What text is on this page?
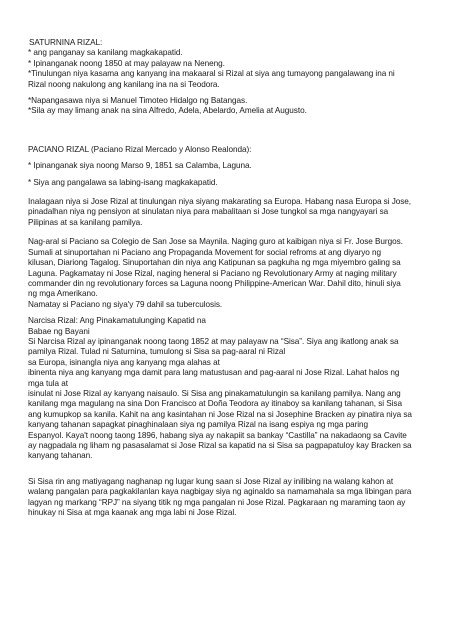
SATURNINA RIZAL:
* ang panganay sa kanilang magkakapatid.
* Ipinanganak noong 1850 at may palayaw na Neneng.
*Tinulungan niya kasama ang kanyang ina makaaral si Rizal at siya ang tumayong pangalawang ina ni
Rizal noong nakulong ang kanilang ina na si Teodora.
*Napangasawa niya si Manuel Timoteo Hidalgo ng Batangas.
*Sila ay may limang anak na sina Alfredo, Adela, Abelardo, Amelia at Augusto.
PACIANO RIZAL (Paciano Rizal Mercado y Alonso Realonda):
* Ipinanganak siya noong Marso 9, 1851 sa Calamba, Laguna.
* Siya ang pangalawa sa labing-isang magkakapatid.
Inalagaan niya si Jose Rizal at tinulungan niya siyang makarating sa Europa. Habang nasa Europa si Jose,
pinadalhan niya ng pensiyon at sinulatan niya para mabalitaan si Jose tungkol sa mga nangyayari sa
Pilipinas at sa kanilang pamilya.
Nag-aral si Paciano sa Colegio de San Jose sa Maynila. Naging guro at kaibigan niya si Fr. Jose Burgos.
Sumali at sinuportahan ni Paciano ang Propaganda Movement for social refroms at ang diyaryo ng
kilusan, Diariong Tagalog. Sinuportahan din niya ang Katipunan sa pagkuha ng mga miyembro galing sa
Laguna. Pagkamatay ni Jose Rizal, naging heneral si Paciano ng Revolutionary Army at naging military
commander din ng revolutionary forces sa Laguna noong Philippine-American War. Dahil dito, hinuli siya
ng mga Amerikano.
Namatay si Paciano ng siya'y 79 dahil sa tuberculosis.
Narcisa Rizal: Ang Pinakamatulunging Kapatid na
Babae ng Bayani
Si Narcisa Rizal ay ipinanganak noong taong 1852 at may palayaw na “Sisa”. Siya ang ikatlong anak sa
pamilya Rizal. Tulad ni Saturnina, tumulong si Sisa sa pag-aaral ni Rizal
sa Europa, isinangla niya ang kanyang mga alahas at
ibinenta niya ang kanyang mga damit para lang matustusan and pag-aaral ni Jose Rizal. Lahat halos ng
mga tula at
isinulat ni Jose Rizal ay kanyang naisaulo. Si Sisa ang pinakamatulungin sa kanilang pamilya. Nang ang
kanilang mga magulang na sina Don Francisco at Doña Teodora ay itinaboy sa kanilang tahanan, si Sisa
ang kumupkop sa kanila. Kahit na ang kasintahan ni Jose Rizal na si Josephine Bracken ay pinatira niya sa
kanyang tahanan sapagkat pinaghinalaan siya ng pamilya Rizal na isang espiya ng mga paring
Espanyol. Kaya't noong taong 1896, habang siya ay nakapiit sa bankay “Castilla” na nakadaong sa Cavite
ay nagpadala ng liham ng pasasalamat si Jose Rizal sa kapatid na si Sisa sa pagpapatuloy kay Bracken sa
kanyang tahanan.
Si Sisa rin ang matiyagang naghanap ng lugar kung saan si Jose Rizal ay inilibing na walang kahon at
walang pangalan para pagkakilanlan kaya nagbigay siya ng aginaldo sa namamahala sa mga libingan para
lagyan ng markang “RPJ” na siyang titik ng mga pangalan ni Jose Rizal. Pagkaraan ng maraming taon ay
hinukay ni Sisa at mga kaanak ang mga labi ni Jose Rizal.
